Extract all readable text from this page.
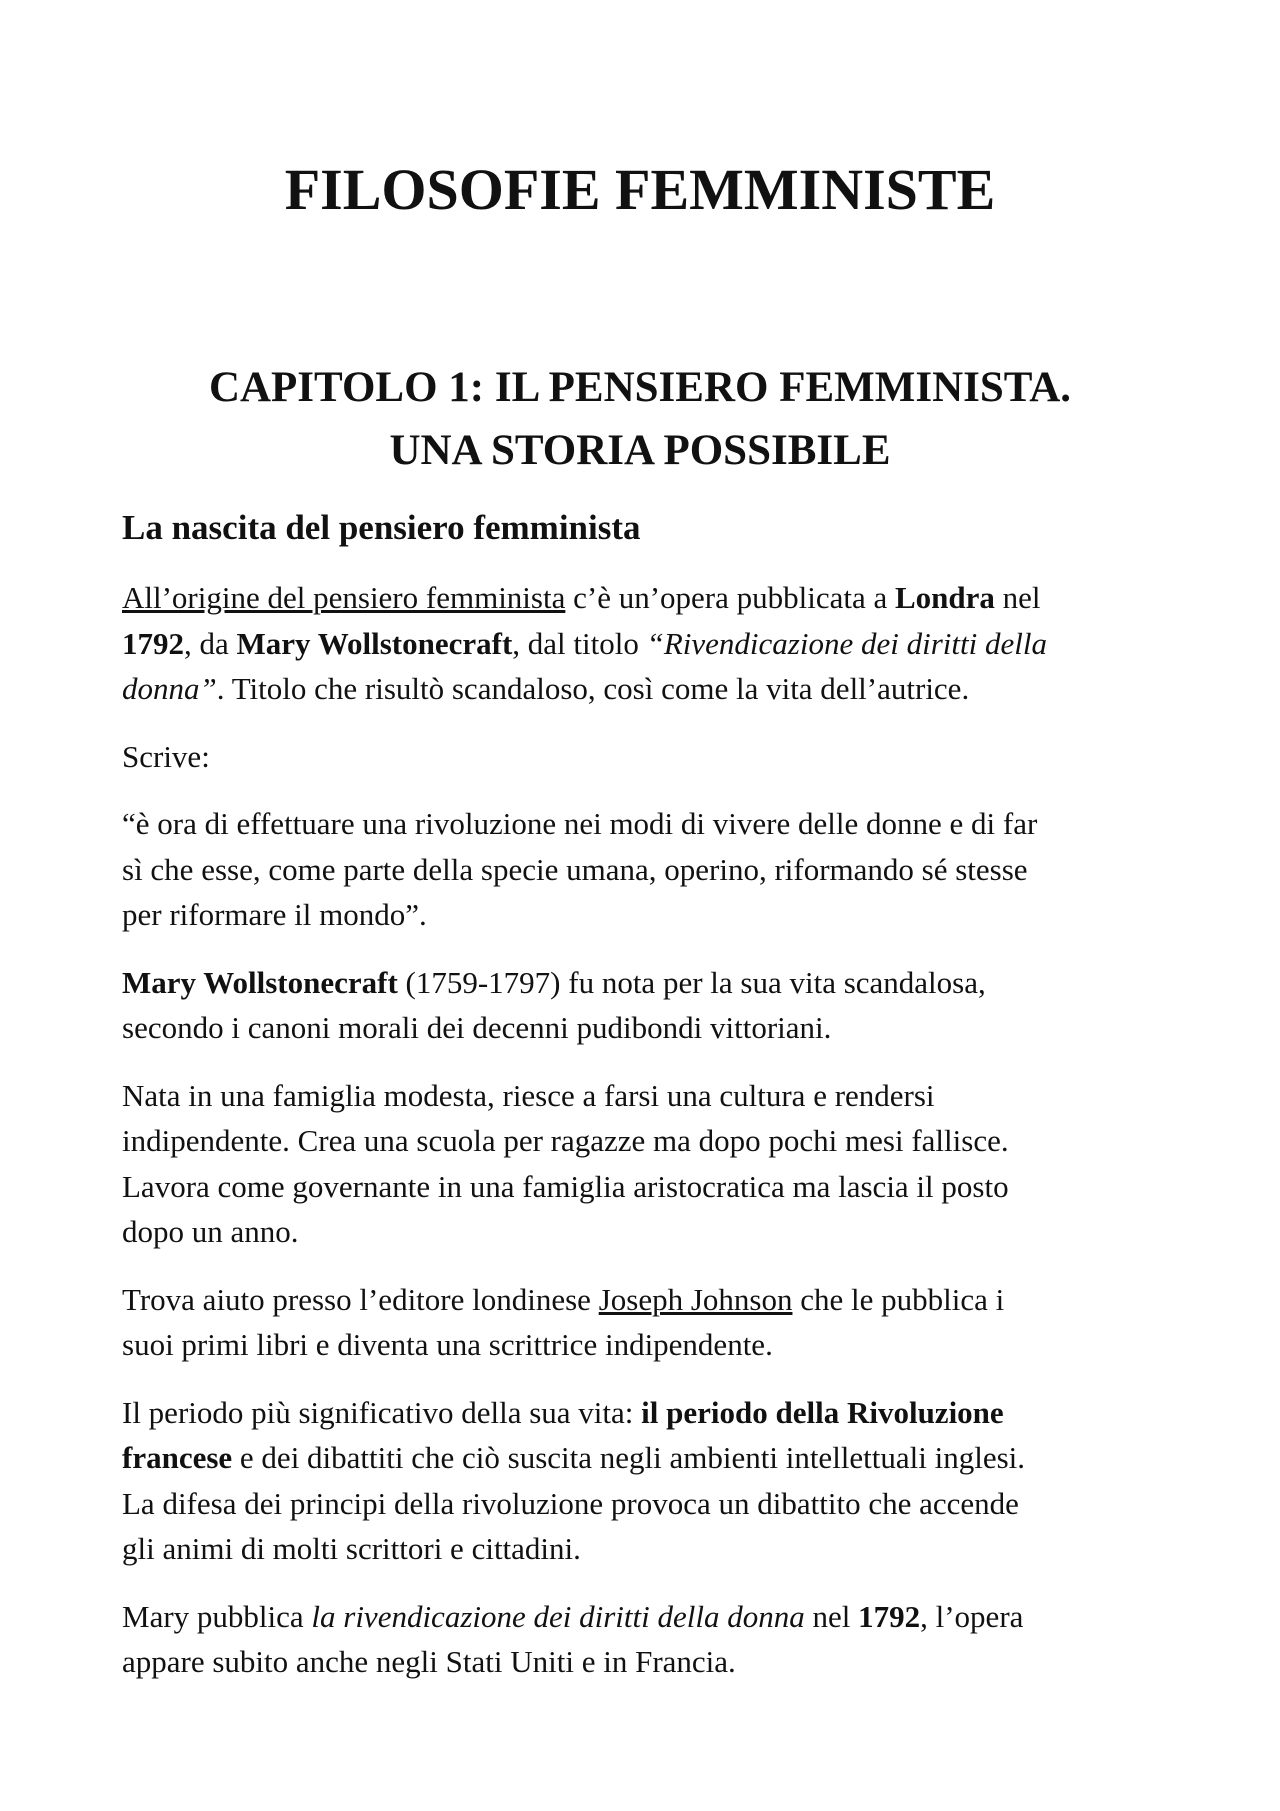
FILOSOFIE FEMMINISTE
CAPITOLO 1: IL PENSIERO FEMMINISTA.
UNA STORIA POSSIBILE
La nascita del pensiero femminista

All’origine del pensiero femminista c’è un’opera pubblicata a Londra nel
1792, da Mary Wollstonecraft, dal titolo “Rivendicazione dei diritti della
donna”. Titolo che risultò scandaloso, così come la vita dell’autrice.

Scrive:

“è ora di effettuare una rivoluzione nei modi di vivere delle donne e di far
sì che esse, come parte della specie umana, operino, riformando sé stesse
per riformare il mondo”.

Mary Wollstonecraft (1759-1797) fu nota per la sua vita scandalosa,
secondo i canoni morali dei decenni pudibondi vittoriani.

Nata in una famiglia modesta, riesce a farsi una cultura e rendersi
indipendente. Crea una scuola per ragazze ma dopo pochi mesi fallisce.
Lavora come governante in una famiglia aristocratica ma lascia il posto
dopo un anno.

Trova aiuto presso l’editore londinese Joseph Johnson che le pubblica i
suoi primi libri e diventa una scrittrice indipendente.

Il periodo più significativo della sua vita: il periodo della Rivoluzione
francese e dei dibattiti che ciò suscita negli ambienti intellettuali inglesi.
La difesa dei principi della rivoluzione provoca un dibattito che accende
gli animi di molti scrittori e cittadini.

Mary pubblica la rivendicazione dei diritti della donna nel 1792, l’opera
appare subito anche negli Stati Uniti e in Francia.
